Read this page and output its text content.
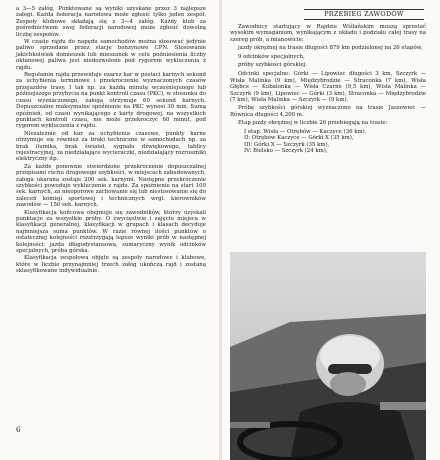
a 3—5 załóg. Punktowane są wyniki uzyskane przez 3 najlepsze załogi. Każda federacja narodowa może zgłosić tylko jeden zespół. Zespoły klubowe składają się z 3—4 załóg. Każdy klub za pośrednictwem swej federacji narodowej może zgłosić dowolną liczbę zespołów.

W czasie rajdu do napędu samochodów można stosować jedynie paliwo sprzedane przez stacje benzynowe CPN. Stosowanie jakichkolwiek domieszek lub mieszanek w celu podniesienia liczby oktanowej paliwa jest niedozwolone pod rygorem wykluczenia z rajdu.

Regulamin rajdu przewiduje ezarez kar w postaci karnych sekund za uchybienia terminowe i przekroczenie wyznaczonych czasów przejazdów trasy. I tak np. za każdą minutę wcześniejszego lub późniejszego przybycia na punkt kontroli czasu (PKC), w stosunku do czasu wyznaczonego, załoga otrzymuje 60 sekund karnych. Dopuszczalne maksymalne spóźnienie na PKC wynosi 30 min. Sumą opóźnień, od czasu wynikającego z karty drogowej, na wszystkich punktach kontroli czasu, nie może przekroczyć 60 minut, pod rygorem wykluczenia z rajdu.

Niezależnie od kar za uchybienia czasowe, punkty karne otrzymuje się również za braki techniczne w samochodach np. za brak ilumika, brak świateł, sygnału dźwiękowego, tablicy rejestracyjnej, za niedziałające wycieraczki, niedziałający rozruszniki elektryczny itp.

Za każde ponownie stwierdzone przekroczenie dopuszczalnej przepisami ruchu drogowego szybkości, w miejscach zabudowanych, załoga ukarana zostaje 200 sek. karnymi. Następne przekroczenie szybkości powoduje wykluczenie z rajdu. Za spóźnienie na start 100 sek. karnych, za nieoporowe zachowanie się lub niestosowanie się do zaleceń komisji sportowej i technicznych wrgl. kierowników zawodów — 150 sek. karnych.

Klasyfikacja końcowa obejmuje się zawodników, którzy uzyskali punktacje za wszystkie próby. O zwycięstwie i zajęciu miejsca w klasyfikacji generalnej, klasyfikacji w grupach i klasach decyduje najmniejsza suma punktów. W razie równej ilości punktów o ostatecznej kolejności rozstrzygają lepsze wyniki prób w następnej kolejności: jazda długodystansowa, sumaryczny wynik odcinków specjalnych, próba górska.

Klasyfikacja zespołowa objęte są zespoły narodowe i klubowe, które w liczbie przynajmniej trzech załóg ukończą rajd i zostaną sklasyfikowane indywidualnie.

6
PRZEBIEG ZAWODÓW

Zawodnicy startujący w Rajdzie Wiślańskim muszą sprostać wysokim wymaganiom, wynikającym z układu i podziału całej trasy na szereg prób, a mianowicie:

jazdy okrężnej na trasie długości 879 km podzielonej na 26 etapów,

9 odcinków specjalnych,

próby szybkości górskiej.

Odcinki specjalne: Górki — Lipowiec długości 3 km, Szczyrk — Wisła Malinka (9 km), Międzybrodzie — Straconka (7 km), Wisła Głębce — Kubalonka — Wisła Czarne (9,5 km), Wisła Malinka — Szczyrk (9 km), Lipowiec — Górki (3 km), Straconka — Międzybrodzie (7 km), Wisła Malinka — Szczyrk — (9 km).

Próbę szybkości górskiej wyznaczono na trasie Jaszowiec — Równica długości 4,200 m.

Etap jazdy okrężnej w liczbie 26 przebiegają na trasie:

I etap. Wisła — Otrębów — Kaczyce (36 km),

II: Otrębów Kaczyce — Górki X (35 km),

III: Górki X — Szczyrk (35 km),

IV: Bielsko — Szczyrk (24 km),
